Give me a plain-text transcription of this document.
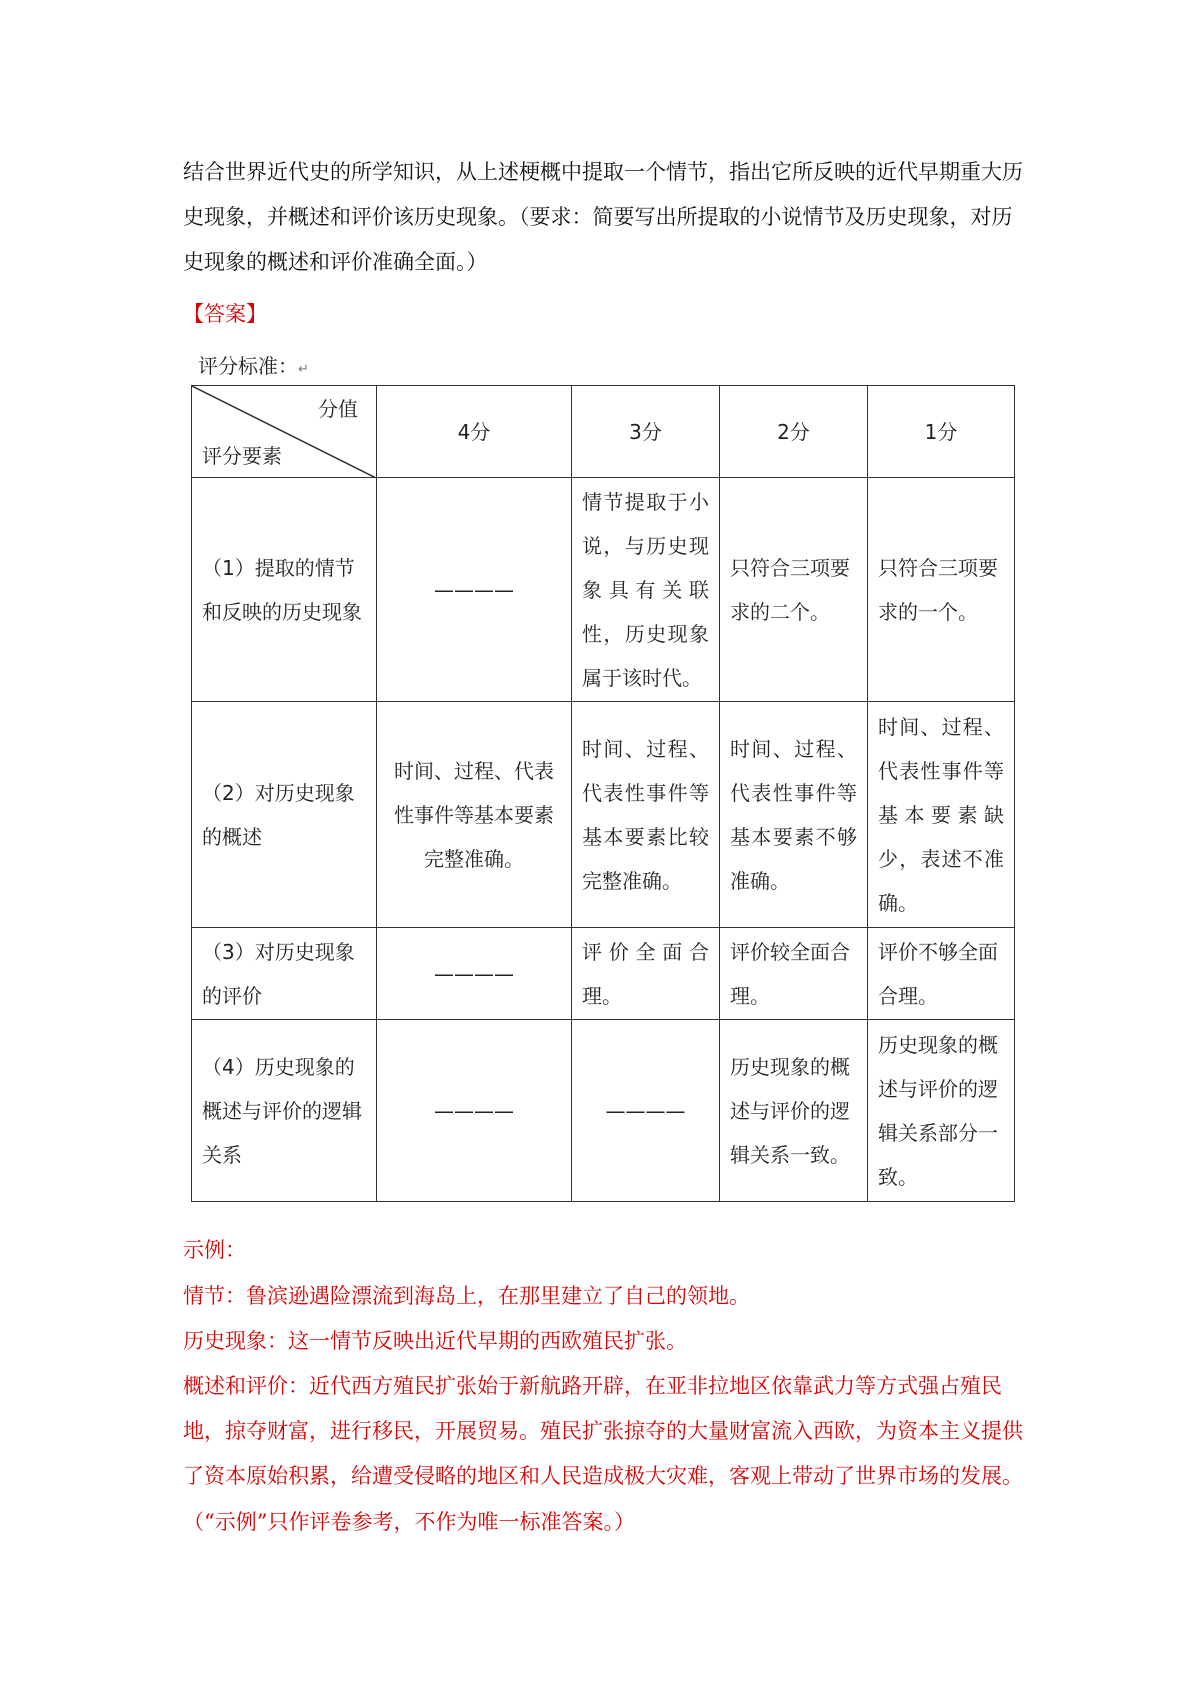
结合世界近代史的所学知识，从上述梗概中提取一个情节，指出它所反映的近代早期重大历史现象，并概述和评价该历史现象。（要求：简要写出所提取的小说情节及历史现象，对历史现象的概述和评价准确全面。）

【答案】

评分标准：↵
分值
评分要素	4分	3分	2分	1分
（1）提取的情节和反映的历史现象	————	情节提取于小说，与历史现象具有关联性，历史现象属于该时代。	只符合三项要求的二个。	只符合三项要求的一个。
（2）对历史现象的概述	时间、过程、代表性事件等基本要素完整准确。	时间、过程、代表性事件等基本要素比较完整准确。	时间、过程、代表性事件等基本要素不够准确。	时间、过程、代表性事件等基本要素缺少，表述不准确。
（3）对历史现象的评价	————	评价全面合理。	评价较全面合理。	评价不够全面合理。
（4）历史现象的概述与评价的逻辑关系	————	————	历史现象的概述与评价的逻辑关系一致。	历史现象的概述与评价的逻辑关系部分一致。

示例：

情节：鲁滨逊遇险漂流到海岛上，在那里建立了自己的领地。

历史现象：这一情节反映出近代早期的西欧殖民扩张。

概述和评价：近代西方殖民扩张始于新航路开辟，在亚非拉地区依靠武力等方式强占殖民地，掠夺财富，进行移民，开展贸易。殖民扩张掠夺的大量财富流入西欧，为资本主义提供了资本原始积累，给遭受侵略的地区和人民造成极大灾难，客观上带动了世界市场的发展。

（“示例”只作评卷参考，不作为唯一标准答案。）
